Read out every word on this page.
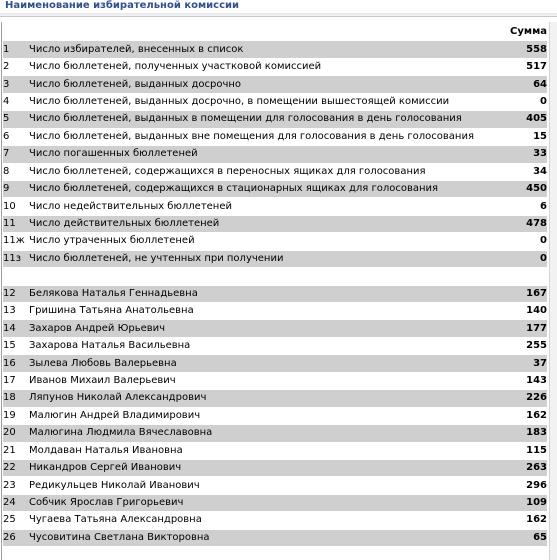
Наименование избирательной комиссии
		Сумма
1	Число избирателей, внесенных в список	558
2	Число бюллетеней, полученных участковой комиссией	517
3	Число бюллетеней, выданных досрочно	64
4	Число бюллетеней, выданных досрочно, в помещении вышестоящей комиссии	0
5	Число бюллетеней, выданных в помещении для голосования в день голосования	405
6	Число бюллетеней, выданных вне помещения для голосования в день голосования	15
7	Число погашенных бюллетеней	33
8	Число бюллетеней, содержащихся в переносных ящиках для голосования	34
9	Число бюллетеней, содержащихся в стационарных ящиках для голосования	450
10	Число недействительных бюллетеней	6
11	Число действительных бюллетеней	478
11ж	Число утраченных бюллетеней	0
11з	Число бюллетеней, не учтенных при получении	0

12	Белякова Наталья Геннадьевна	167
13	Гришина Татьяна Анатольевна	140
14	Захаров Андрей Юрьевич	177
15	Захарова Наталья Васильевна	255
16	Зылева Любовь Валерьевна	37
17	Иванов Михаил Валерьевич	143
18	Ляпунов Николай Александрович	226
19	Малюгин Андрей Владимирович	162
20	Малюгина Людмила Вячеславовна	183
21	Молдаван Наталья Ивановна	115
22	Никандров Сергей Иванович	263
23	Редикульцев Николай Иванович	296
24	Собчик Ярослав Григорьевич	109
25	Чугаева Татьяна Александровна	162
26	Чусовитина Светлана Викторовна	65
